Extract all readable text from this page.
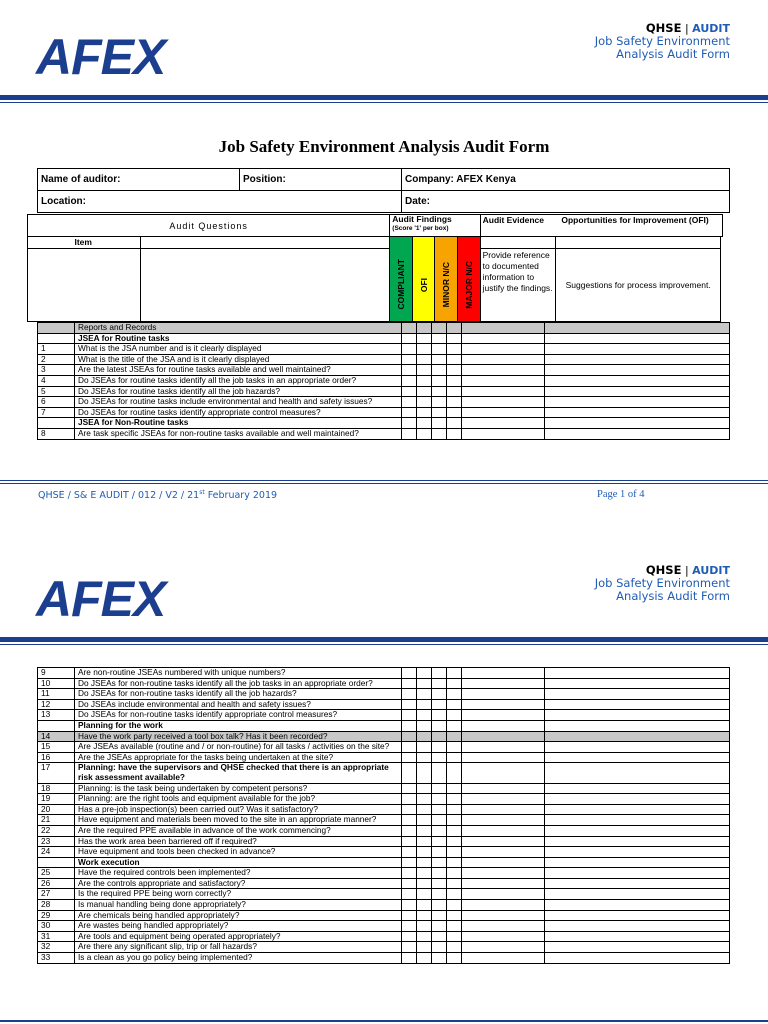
AFEX
QHSE | AUDIT
Job Safety Environment
Analysis Audit Form
Job Safety Environment Analysis Audit Form
Name of auditor:	Position:	Company: AFEX Kenya
Location:		Date:
Audit Questions		Audit Findings
(Score '1' per box)				Audit Evidence	Opportunities for Improvement (OFI)	
Item								

		COMPLIANT	OFI	MINOR N/C	MAJOR N/C	Provide reference to documented information to justify the findings.	Suggestions for process improvement.	
	Reports and Records						
	JSEA for Routine tasks						
1	What is the JSA number and is it clearly displayed						
2	What is the title of the JSA and is it clearly displayed						
3	Are the latest JSEAs for routine tasks available and well maintained?						
4	Do JSEAs for routine tasks identify all the job tasks in an appropriate order?						
5	Do JSEAs for routine tasks identify all the job hazards?						
6	Do JSEAs for routine tasks include environmental and health and safety issues?						
7	Do JSEAs for routine tasks identify appropriate control measures?						
	JSEA for Non-Routine tasks						
8	Are task specific JSEAs for non-routine tasks available and well maintained?						
QHSE / S& E AUDIT / 012 / V2 / 21st February 2019	Page 1 of 4
AFEX
QHSE | AUDIT
Job Safety Environment
Analysis Audit Form
9	Are non-routine JSEAs numbered with unique numbers?						
10	Do JSEAs for non-routine tasks identify all the job tasks in an appropriate order?						
11	Do JSEAs for non-routine tasks identify all the job hazards?						
12	Do JSEAs include environmental and health and safety issues?						
13	Do JSEAs for non-routine tasks identify appropriate control measures?						
	Planning for the work						
14	Have the work party received a tool box talk? Has it been recorded?						
15	Are JSEAs available (routine and / or non-routine) for all tasks / activities on the site?						
16	Are the JSEAs appropriate for the tasks being undertaken at the site?						
17	Planning: have the supervisors and QHSE checked that there is an appropriate risk assessment available?						
18	Planning: is the task being undertaken by competent persons?						
19	Planning: are the right tools and equipment available for the job?						
20	Has a pre-job inspection(s) been carried out? Was it satisfactory?						
21	Have equipment and materials been moved to the site in an appropriate manner?						
22	Are the required PPE available in advance of the work commencing?						
23	Has the work area been barriered off if required?						
24	Have equipment and tools been checked in advance?						
	Work execution						
25	Have the required controls been implemented?						
26	Are the controls appropriate and satisfactory?						
27	Is the required PPE being worn correctly?						
28	Is manual handling being done appropriately?						
29	Are chemicals being handled appropriately?						
30	Are wastes being handled appropriately?						
31	Are tools and equipment being operated appropriately?						
32	Are there any significant slip, trip or fall hazards?						
33	Is a clean as you go policy being implemented?						
